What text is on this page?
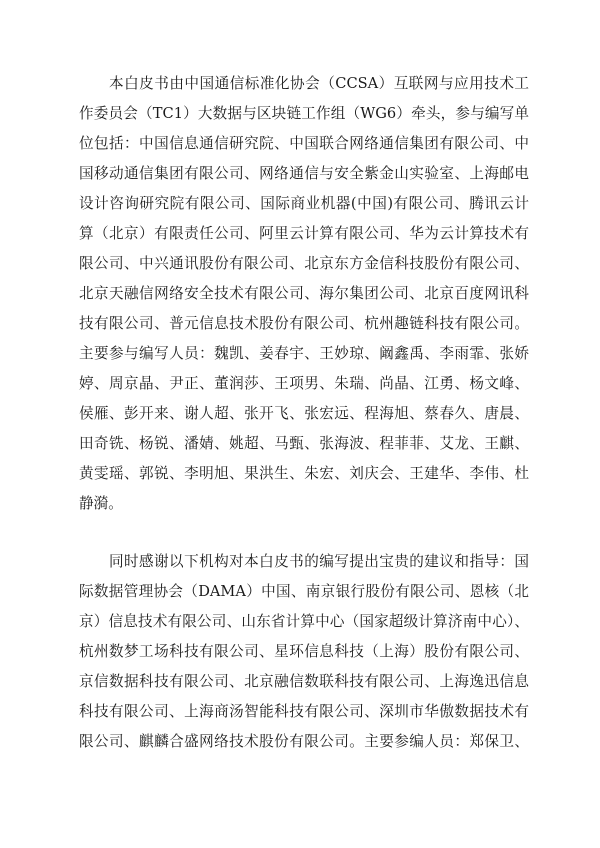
本白皮书由中国通信标准化协会（CCSA）互联网与应用技术工
作委员会（TC1）大数据与区块链工作组（WG6）牵头，参与编写单
位包括：中国信息通信研究院、中国联合网络通信集团有限公司、中
国移动通信集团有限公司、网络通信与安全紫金山实验室、上海邮电
设计咨询研究院有限公司、国际商业机器(中国)有限公司、腾讯云计
算（北京）有限责任公司、阿里云计算有限公司、华为云计算技术有
限公司、中兴通讯股份有限公司、北京东方金信科技股份有限公司、
北京天融信网络安全技术有限公司、海尔集团公司、北京百度网讯科
技有限公司、普元信息技术股份有限公司、杭州趣链科技有限公司。
主要参与编写人员：魏凯、姜春宇、王妙琼、阚鑫禹、李雨霏、张娇
婷、周京晶、尹正、董润莎、王项男、朱瑞、尚晶、江勇、杨文峰、
侯雁、彭开来、谢人超、张开飞、张宏远、程海旭、蔡春久、唐晨、
田奇铣、杨锐、潘婧、姚超、马甄、张海波、程菲菲、艾龙、王麒、
黄雯瑶、郭锐、李明旭、果洪生、朱宏、刘庆会、王建华、李伟、杜
静漪。
同时感谢以下机构对本白皮书的编写提出宝贵的建议和指导：国
际数据管理协会（DAMA）中国、南京银行股份有限公司、恩核（北
京）信息技术有限公司、山东省计算中心（国家超级计算济南中心）、
杭州数梦工场科技有限公司、星环信息科技（上海）股份有限公司、
京信数据科技有限公司、北京融信数联科技有限公司、上海逸迅信息
科技有限公司、上海商汤智能科技有限公司、深圳市华傲数据技术有
限公司、麒麟合盛网络技术股份有限公司。主要参编人员：郑保卫、
